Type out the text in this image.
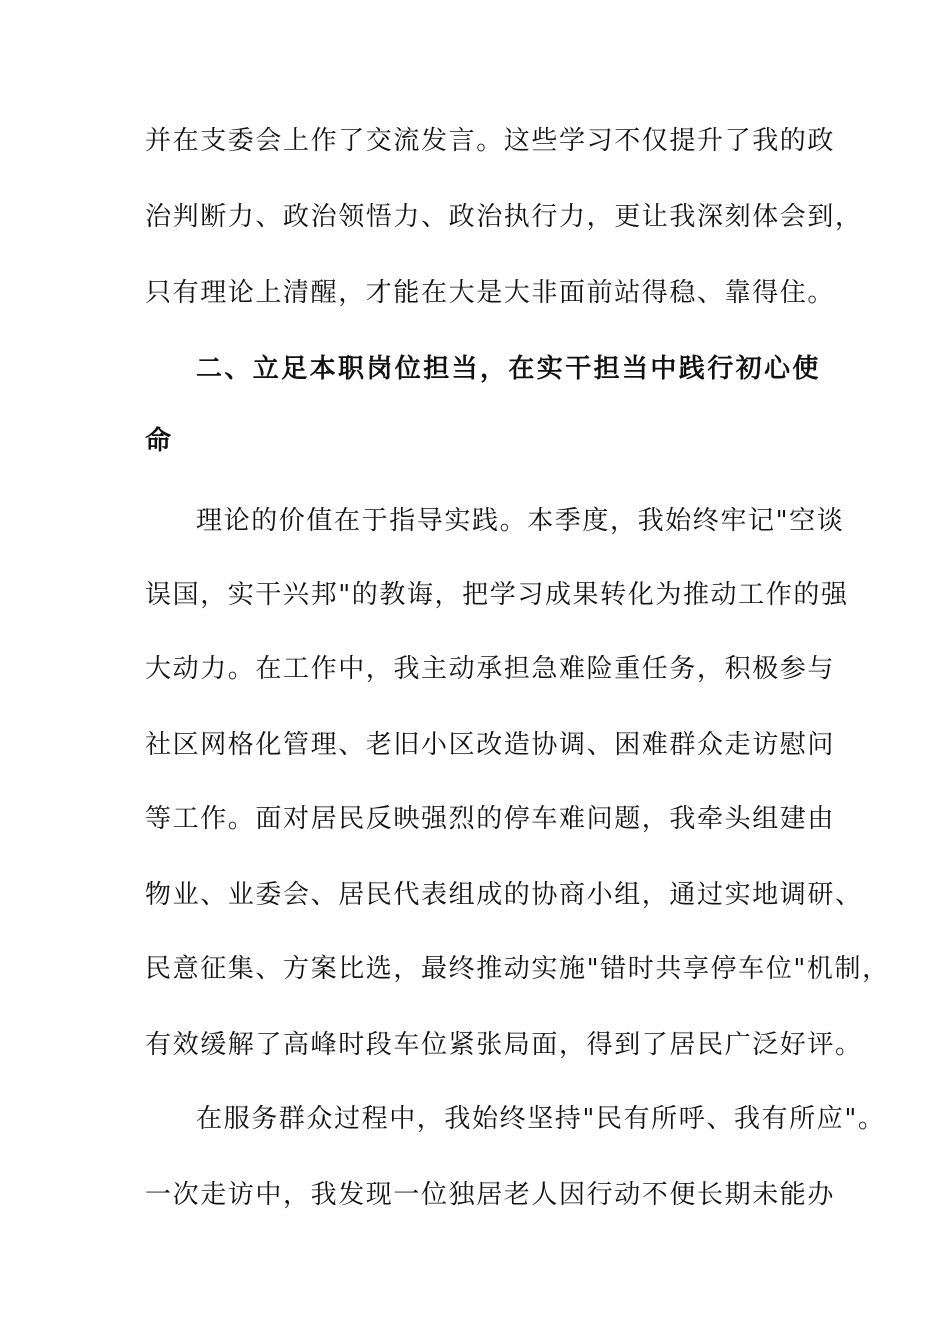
并在支委会上作了交流发言。这些学习不仅提升了我的政
治判断力、政治领悟力、政治执行力，更让我深刻体会到，
只有理论上清醒，才能在大是大非面前站得稳、靠得住。
二、立足本职岗位担当，在实干担当中践行初心使
命
理论的价值在于指导实践。本季度，我始终牢记"空谈
误国，实干兴邦"的教诲，把学习成果转化为推动工作的强
大动力。在工作中，我主动承担急难险重任务，积极参与
社区网格化管理、老旧小区改造协调、困难群众走访慰问
等工作。面对居民反映强烈的停车难问题，我牵头组建由
物业、业委会、居民代表组成的协商小组，通过实地调研、
民意征集、方案比选，最终推动实施"错时共享停车位"机制，
有效缓解了高峰时段车位紧张局面，得到了居民广泛好评。
在服务群众过程中，我始终坚持"民有所呼、我有所应"。
一次走访中，我发现一位独居老人因行动不便长期未能办
